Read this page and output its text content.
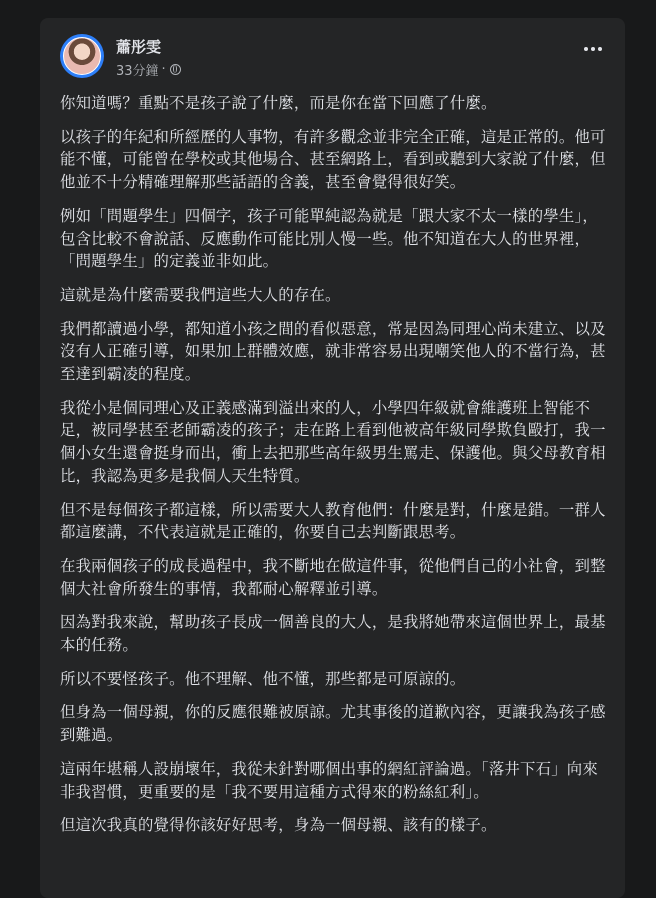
蕭彤雯
33分鐘 ·

你知道嗎？重點不是孩子說了什麼，而是你在當下回應了什麼。

以孩子的年紀和所經歷的人事物，有許多觀念並非完全正確，這是正常的。他可能不懂，可能曾在學校或其他場合、甚至網路上，看到或聽到大家說了什麼，但他並不十分精確理解那些話語的含義，甚至會覺得很好笑。

例如「問題學生」四個字，孩子可能單純認為就是「跟大家不太一樣的學生」，包含比較不會說話、反應動作可能比別人慢一些。他不知道在大人的世界裡，「問題學生」的定義並非如此。

這就是為什麼需要我們這些大人的存在。

我們都讀過小學，都知道小孩之間的看似惡意，常是因為同理心尚未建立、以及沒有人正確引導，如果加上群體效應，就非常容易出現嘲笑他人的不當行為，甚至達到霸凌的程度。

我從小是個同理心及正義感滿到溢出來的人，小學四年級就會維護班上智能不足，被同學甚至老師霸凌的孩子；走在路上看到他被高年級同學欺負毆打，我一個小女生還會挺身而出，衝上去把那些高年級男生罵走、保護他。與父母教育相比，我認為更多是我個人天生特質。

但不是每個孩子都這樣，所以需要大人教育他們：什麼是對，什麼是錯。一群人都這麼講，不代表這就是正確的，你要自己去判斷跟思考。

在我兩個孩子的成長過程中，我不斷地在做這件事，從他們自己的小社會，到整個大社會所發生的事情，我都耐心解釋並引導。

因為對我來說，幫助孩子長成一個善良的大人，是我將她帶來這個世界上，最基本的任務。

所以不要怪孩子。他不理解、他不懂，那些都是可原諒的。

但身為一個母親，你的反應很難被原諒。尤其事後的道歉內容，更讓我為孩子感到難過。

這兩年堪稱人設崩壞年，我從未針對哪個出事的網紅評論過。「落井下石」向來非我習慣，更重要的是「我不要用這種方式得來的粉絲紅利」。

但這次我真的覺得你該好好思考，身為一個母親、該有的樣子。
